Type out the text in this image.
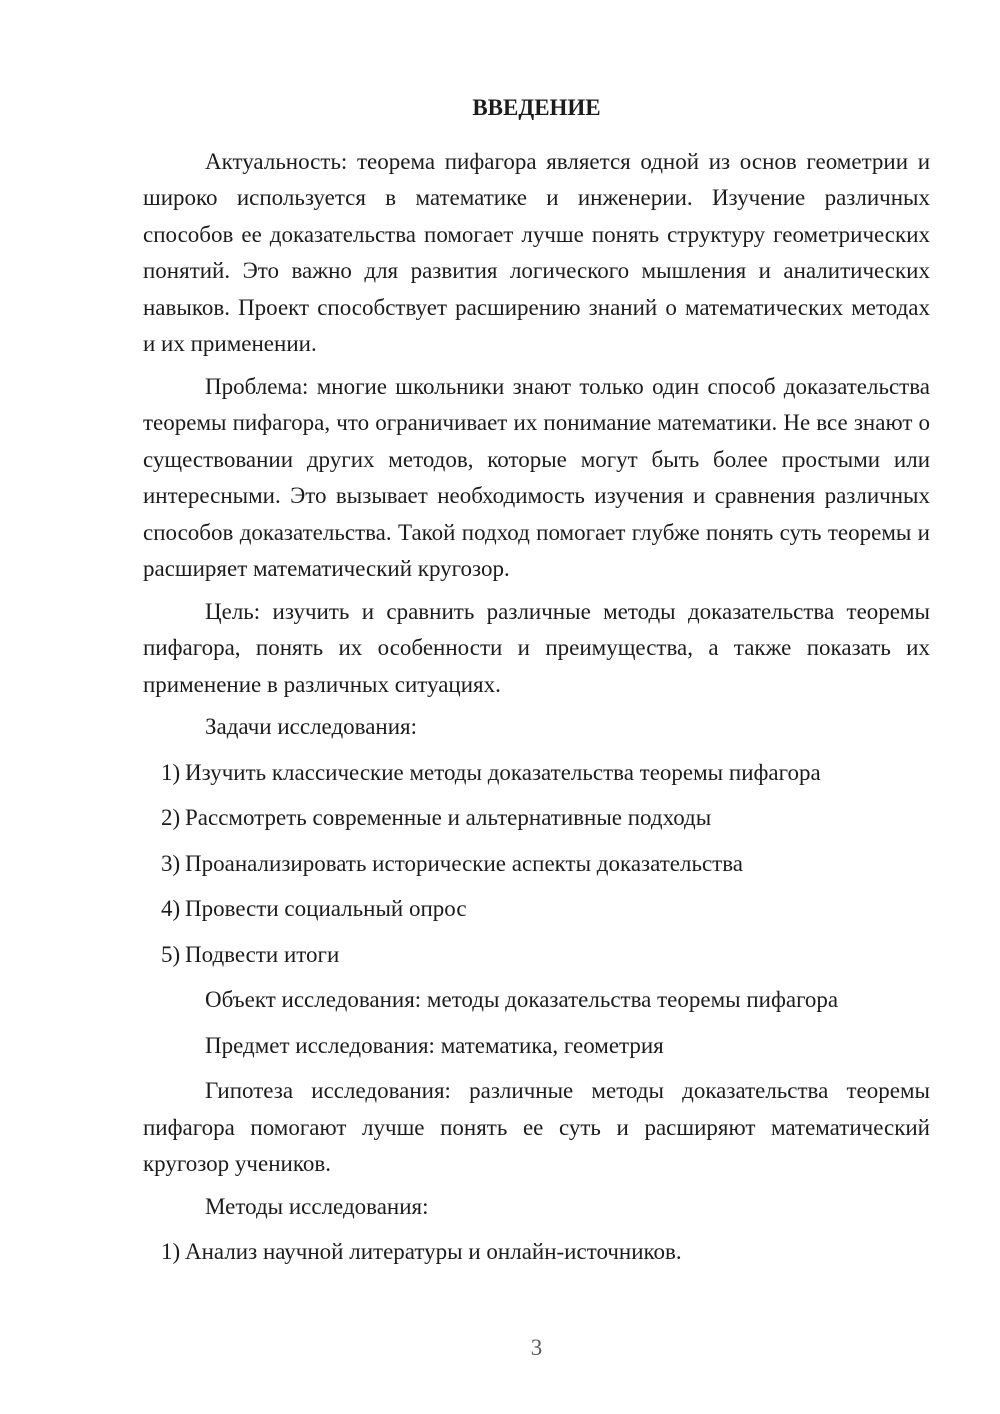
ВВЕДЕНИЕ

Актуальность: теорема пифагора является одной из основ геометрии и широко используется в математике и инженерии. Изучение различных способов ее доказательства помогает лучше понять структуру геометрических понятий. Это важно для развития логического мышления и аналитических навыков. Проект способствует расширению знаний о математических методах и их применении.

Проблема: многие школьники знают только один способ доказательства теоремы пифагора, что ограничивает их понимание математики. Не все знают о существовании других методов, которые могут быть более простыми или интересными. Это вызывает необходимость изучения и сравнения различных способов доказательства. Такой подход помогает глубже понять суть теоремы и расширяет математический кругозор.

Цель: изучить и сравнить различные методы доказательства теоремы пифагора, понять их особенности и преимущества, а также показать их применение в различных ситуациях.

Задачи исследования:

1) Изучить классические методы доказательства теоремы пифагора

2) Рассмотреть современные и альтернативные подходы

3) Проанализировать исторические аспекты доказательства

4) Провести социальный опрос

5) Подвести итоги

Объект исследования: методы доказательства теоремы пифагора

Предмет исследования: математика, геометрия

Гипотеза исследования: различные методы доказательства теоремы пифагора помогают лучше понять ее суть и расширяют математический кругозор учеников.

Методы исследования:

1) Анализ научной литературы и онлайн-источников.

3
